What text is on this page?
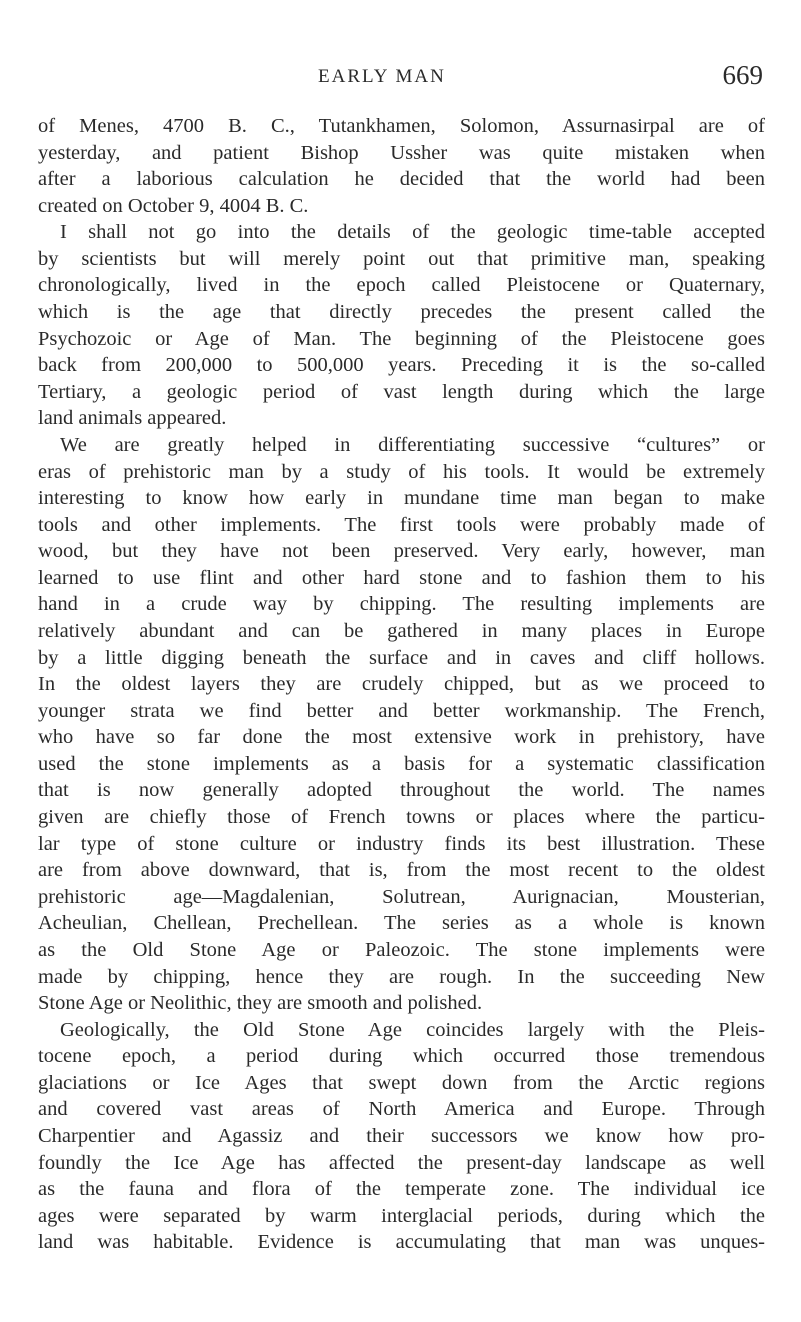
EARLY MAN	669
of Menes, 4700 B. C., Tutankhamen, Solomon, Assurnasirpal are of
yesterday, and patient Bishop Ussher was quite mistaken when
after a laborious calculation he decided that the world had been
created on October 9, 4004 B. C.
I shall not go into the details of the geologic time-table accepted
by scientists but will merely point out that primitive man, speaking
chronologically, lived in the epoch called Pleistocene or Quaternary,
which is the age that directly precedes the present called the
Psychozoic or Age of Man. The beginning of the Pleistocene goes
back from 200,000 to 500,000 years. Preceding it is the so-called
Tertiary, a geologic period of vast length during which the large
land animals appeared.
We are greatly helped in differentiating successive “cultures” or
eras of prehistoric man by a study of his tools. It would be extremely
interesting to know how early in mundane time man began to make
tools and other implements. The first tools were probably made of
wood, but they have not been preserved. Very early, however, man
learned to use flint and other hard stone and to fashion them to his
hand in a crude way by chipping. The resulting implements are
relatively abundant and can be gathered in many places in Europe
by a little digging beneath the surface and in caves and cliff hollows.
In the oldest layers they are crudely chipped, but as we proceed to
younger strata we find better and better workmanship. The French,
who have so far done the most extensive work in prehistory, have
used the stone implements as a basis for a systematic classification
that is now generally adopted throughout the world. The names
given are chiefly those of French towns or places where the particu-
lar type of stone culture or industry finds its best illustration. These
are from above downward, that is, from the most recent to the oldest
prehistoric age—Magdalenian, Solutrean, Aurignacian, Mousterian,
Acheulian, Chellean, Prechellean. The series as a whole is known
as the Old Stone Age or Paleozoic. The stone implements were
made by chipping, hence they are rough. In the succeeding New
Stone Age or Neolithic, they are smooth and polished.
Geologically, the Old Stone Age coincides largely with the Pleis-
tocene epoch, a period during which occurred those tremendous
glaciations or Ice Ages that swept down from the Arctic regions
and covered vast areas of North America and Europe. Through
Charpentier and Agassiz and their successors we know how pro-
foundly the Ice Age has affected the present-day landscape as well
as the fauna and flora of the temperate zone. The individual ice
ages were separated by warm interglacial periods, during which the
land was habitable. Evidence is accumulating that man was unques-
